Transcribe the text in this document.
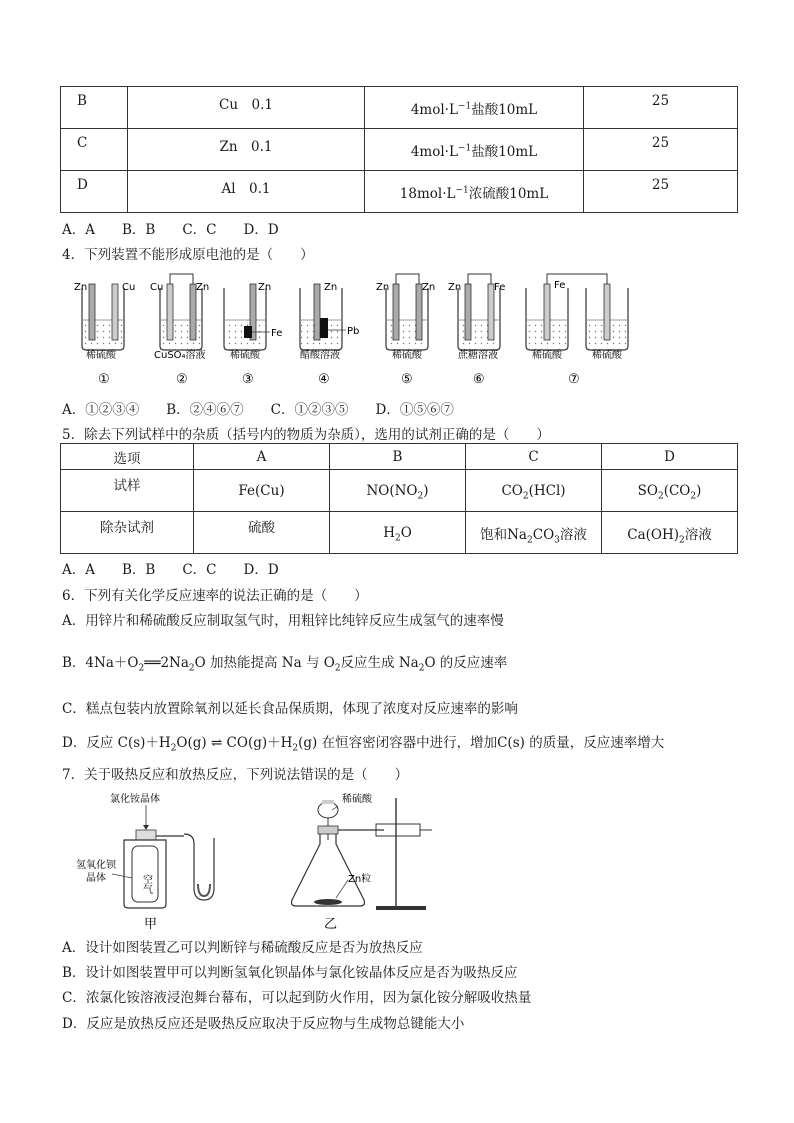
B	Cu　0.1	$4mol\cdot L^{-1}$盐酸10mL	25
C	Zn　0.1	$4mol\cdot L^{-1}$盐酸10mL	25
D	Al　0.1	$18mol\cdot L^{-1}$浓硫酸10mL	25
A．A　　B．B　　C．C　　D．D
4．下列装置不能形成原电池的是（　　）
Zn	Cu
稀硫酸
①
Cu	Zn
CuSO₄溶液
②
Zn
Fe
稀硫酸
③
Zn
Pb
醋酸溶液
④
Zn	Zn
稀硫酸
⑤
Zn	Fe
蔗糖溶液
⑥
Fe
稀硫酸	稀硫酸
⑦
A．①②③④　　B．②④⑥⑦　　C．①②③⑤　　D．①⑤⑥⑦
5．除去下列试样中的杂质（括号内的物质为杂质），选用的试剂正确的是（　　）
选项	A	B	C	D
试样	Fe(Cu)	$NO(NO_2)$	$CO_2(HCl)$	$SO_2(CO_2)$
除杂试剂	硫酸	$H_2O$	饱和$Na_2CO_3$溶液	$Ca(OH)_2$溶液
A．A　　B．B　　C．C　　D．D
6．下列有关化学反应速率的说法正确的是（　　）
A．用锌片和稀硫酸反应制取氢气时，用粗锌比纯锌反应生成氢气的速率慢
B．$4Na+O_2══2Na_2O$ 加热能提高 Na 与 $O_2$反应生成 $Na_2O$ 的反应速率
C．糕点包装内放置除氧剂以延长食品保质期，体现了浓度对反应速率的影响
D．反应 $C(s)+H_2O(g)$ ⇌ $CO(g)+H_2(g)$ 在恒容密闭容器中进行，增加C(s) 的质量，反应速率增大
7．关于吸热反应和放热反应，下列说法错误的是（　　）
氯化铵晶体
氢氧化钡
晶体	空气
甲
稀硫酸
Zn粒
乙
A．设计如图装置乙可以判断锌与稀硫酸反应是否为放热反应
B．设计如图装置甲可以判断氢氧化钡晶体与氯化铵晶体反应是否为吸热反应
C．浓氯化铵溶液浸泡舞台幕布，可以起到防火作用，因为氯化铵分解吸收热量
D．反应是放热反应还是吸热反应取决于反应物与生成物总键能大小
